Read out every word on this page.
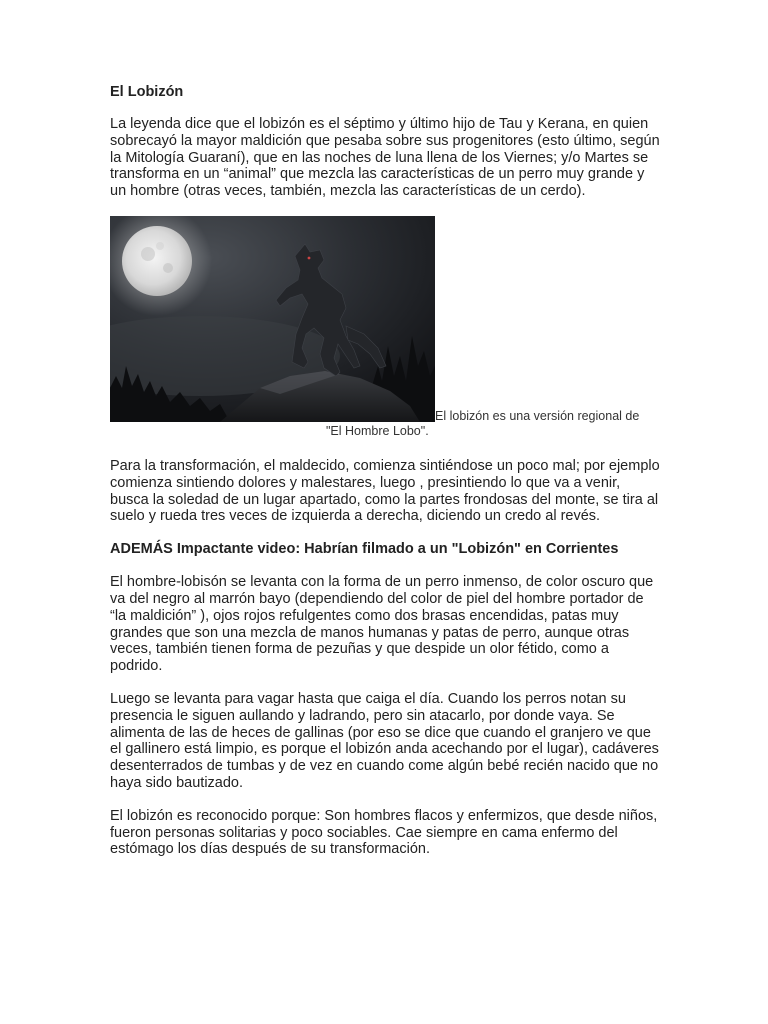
El Lobizón

La leyenda dice que el lobizón es el séptimo y último hijo de Tau y Kerana, en quien sobrecayó la mayor maldición que pesaba sobre sus progenitores (esto último, según la Mitología Guaraní), que en las noches de luna llena de los Viernes; y/o Martes se transforma en un “animal” que mezcla las características de un perro muy grande y un hombre (otras veces, también, mezcla las características de un cerdo).

El lobizón es una versión regional de
"El Hombre Lobo".

Para la transformación, el maldecido, comienza sintiéndose un poco mal; por ejemplo comienza sintiendo dolores y malestares, luego , presintiendo lo que va a venir, busca la soledad de un lugar apartado, como la partes frondosas del monte, se tira al suelo y rueda tres veces de izquierda a derecha, diciendo un credo al revés.

ADEMÁS Impactante video: Habrían filmado a un "Lobizón" en Corrientes

El hombre-lobisón se levanta con la forma de un perro inmenso, de color oscuro que va del negro al marrón bayo (dependiendo del color de piel del hombre portador de “la maldición” ), ojos rojos refulgentes como dos brasas encendidas, patas muy grandes que son una mezcla de manos humanas y patas de perro, aunque otras veces, también tienen forma de pezuñas y que despide un olor fétido, como a podrido.

Luego se levanta para vagar hasta que caiga el día. Cuando los perros notan su presencia le siguen aullando y ladrando, pero sin atacarlo, por donde vaya. Se alimenta de las de heces de gallinas (por eso se dice que cuando el granjero ve que el gallinero está limpio, es porque el lobizón anda acechando por el lugar), cadáveres desenterrados de tumbas y de vez en cuando come algún bebé recién nacido que no haya sido bautizado.

El lobizón es reconocido porque: Son hombres flacos y enfermizos, que desde niños, fueron personas solitarias y poco sociables. Cae siempre en cama enfermo del estómago los días después de su transformación.
